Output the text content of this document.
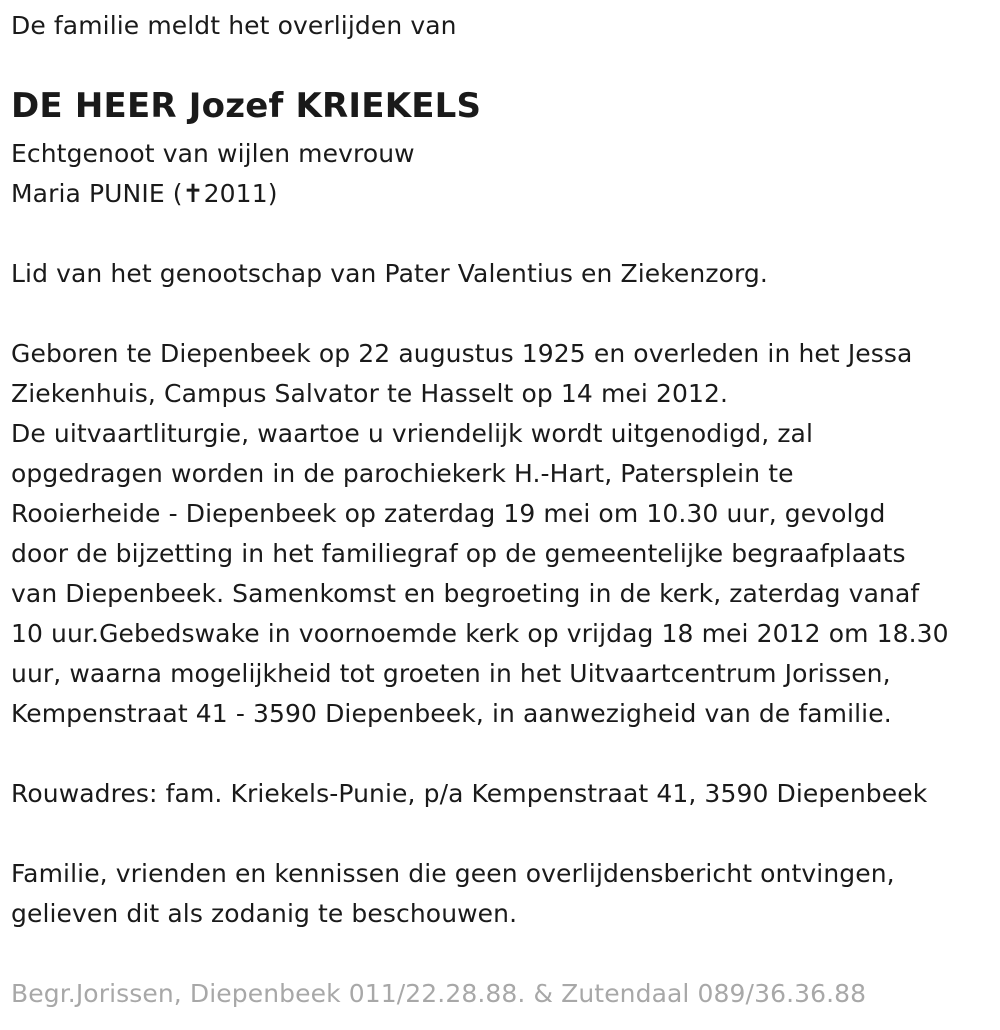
De familie meldt het overlijden van
DE HEER Jozef KRIEKELS
Echtgenoot van wijlen mevrouw
Maria PUNIE (✝2011)
Lid van het genootschap van Pater Valentius en Ziekenzorg.
Geboren te Diepenbeek op 22 augustus 1925 en overleden in het Jessa
Ziekenhuis, Campus Salvator te Hasselt op 14 mei 2012.
De uitvaartliturgie, waartoe u vriendelijk wordt uitgenodigd, zal
opgedragen worden in de parochiekerk H.-Hart, Patersplein te
Rooierheide - Diepenbeek op zaterdag 19 mei om 10.30 uur, gevolgd
door de bijzetting in het familiegraf op de gemeentelijke begraafplaats
van Diepenbeek. Samenkomst en begroeting in de kerk, zaterdag vanaf
10 uur.Gebedswake in voornoemde kerk op vrijdag 18 mei 2012 om 18.30
uur, waarna mogelijkheid tot groeten in het Uitvaartcentrum Jorissen,
Kempenstraat 41 - 3590 Diepenbeek, in aanwezigheid van de familie.
Rouwadres: fam. Kriekels-Punie, p/a Kempenstraat 41, 3590 Diepenbeek
Familie, vrienden en kennissen die geen overlijdensbericht ontvingen,
gelieven dit als zodanig te beschouwen.
Begr.Jorissen, Diepenbeek 011/22.28.88. & Zutendaal 089/36.36.88
